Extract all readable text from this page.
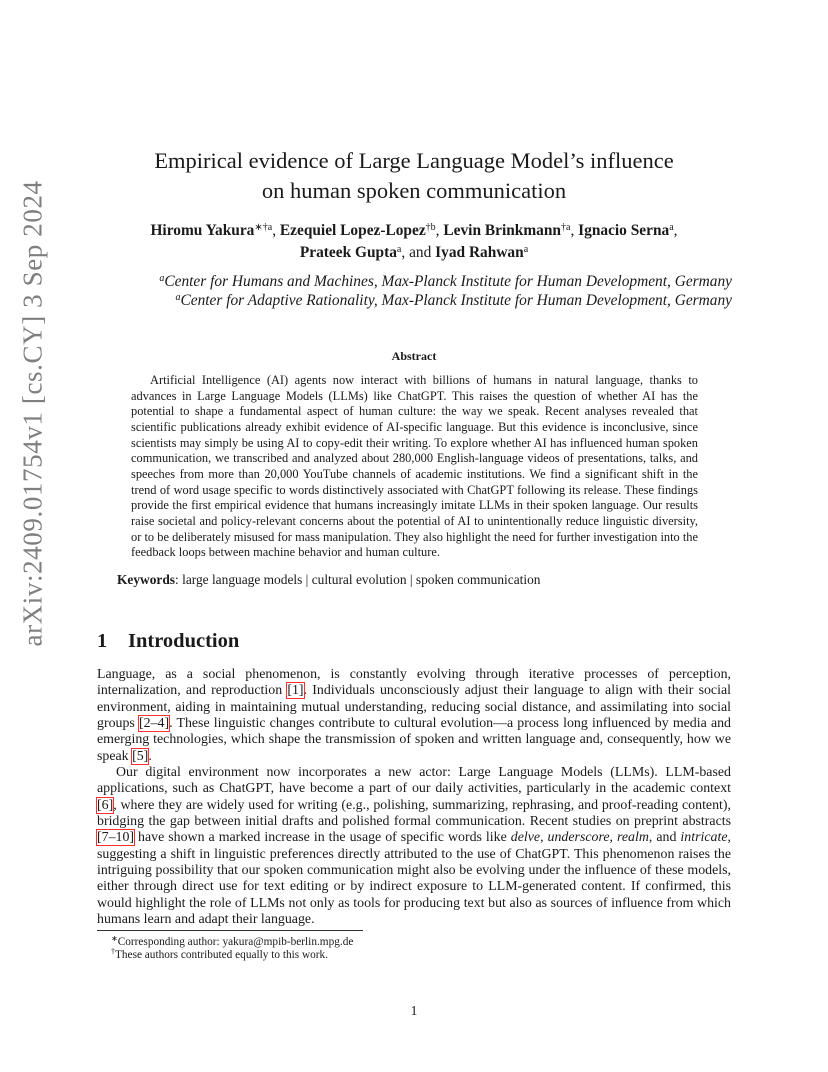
arXiv:2409.01754v1 [cs.CY] 3 Sep 2024
Empirical evidence of Large Language Model’s influence
on human spoken communication
Hiromu Yakura$^{∗\dagger a}$, Ezequiel Lopez-Lopez$^{\dagger b}$, Levin Brinkmann$^{\dagger a}$, Ignacio Serna$^a$,
Prateek Gupta$^a$, and Iyad Rahwan$^a$
$^a$Center for Humans and Machines, Max-Planck Institute for Human Development, Germany
$^a$Center for Adaptive Rationality, Max-Planck Institute for Human Development, Germany
Abstract

Artificial Intelligence (AI) agents now interact with billions of humans in natural language, thanks to advances in Large Language Models (LLMs) like ChatGPT. This raises the question of whether AI has the potential to shape a fundamental aspect of human culture: the way we speak. Recent analyses revealed that scientific publications already exhibit evidence of AI-specific language. But this evidence is inconclusive, since scientists may simply be using AI to copy-edit their writing. To explore whether AI has influenced human spoken communication, we transcribed and analyzed about 280,000 English-language videos of presentations, talks, and speeches from more than 20,000 YouTube channels of academic institutions. We find a significant shift in the trend of word usage specific to words distinctively associated with ChatGPT following its release. These findings provide the first empirical evidence that humans increasingly imitate LLMs in their spoken language. Our results raise societal and policy-relevant concerns about the potential of AI to unintentionally reduce linguistic diversity, or to be deliberately misused for mass manipulation. They also highlight the need for further investigation into the feedback loops between machine behavior and human culture.

Keywords: large language models | cultural evolution | spoken communication
1 Introduction

Language, as a social phenomenon, is constantly evolving through iterative processes of perception, internalization, and reproduction [1]. Individuals unconsciously adjust their language to align with their social environment, aiding in maintaining mutual understanding, reducing social distance, and assimilating into social groups [2–4]. These linguistic changes contribute to cultural evolution—a process long influenced by media and emerging technologies, which shape the transmission of spoken and written language and, consequently, how we speak [5].

Our digital environment now incorporates a new actor: Large Language Models (LLMs). LLM-based applications, such as ChatGPT, have become a part of our daily activities, particularly in the academic context [6], where they are widely used for writing (e.g., polishing, summarizing, rephrasing, and proof-reading content), bridging the gap between initial drafts and polished formal communication. Recent studies on preprint abstracts [7–10] have shown a marked increase in the usage of specific words like delve, underscore, realm, and intricate, suggesting a shift in linguistic preferences directly attributed to the use of ChatGPT. This phenomenon raises the intriguing possibility that our spoken communication might also be evolving under the influence of these models, either through direct use for text editing or by indirect exposure to LLM-generated content. If confirmed, this would highlight the role of LLMs not only as tools for producing text but also as sources of influence from which humans learn and adapt their language.

∗Corresponding author: yakura@mpib-berlin.mpg.de
†These authors contributed equally to this work.
1
